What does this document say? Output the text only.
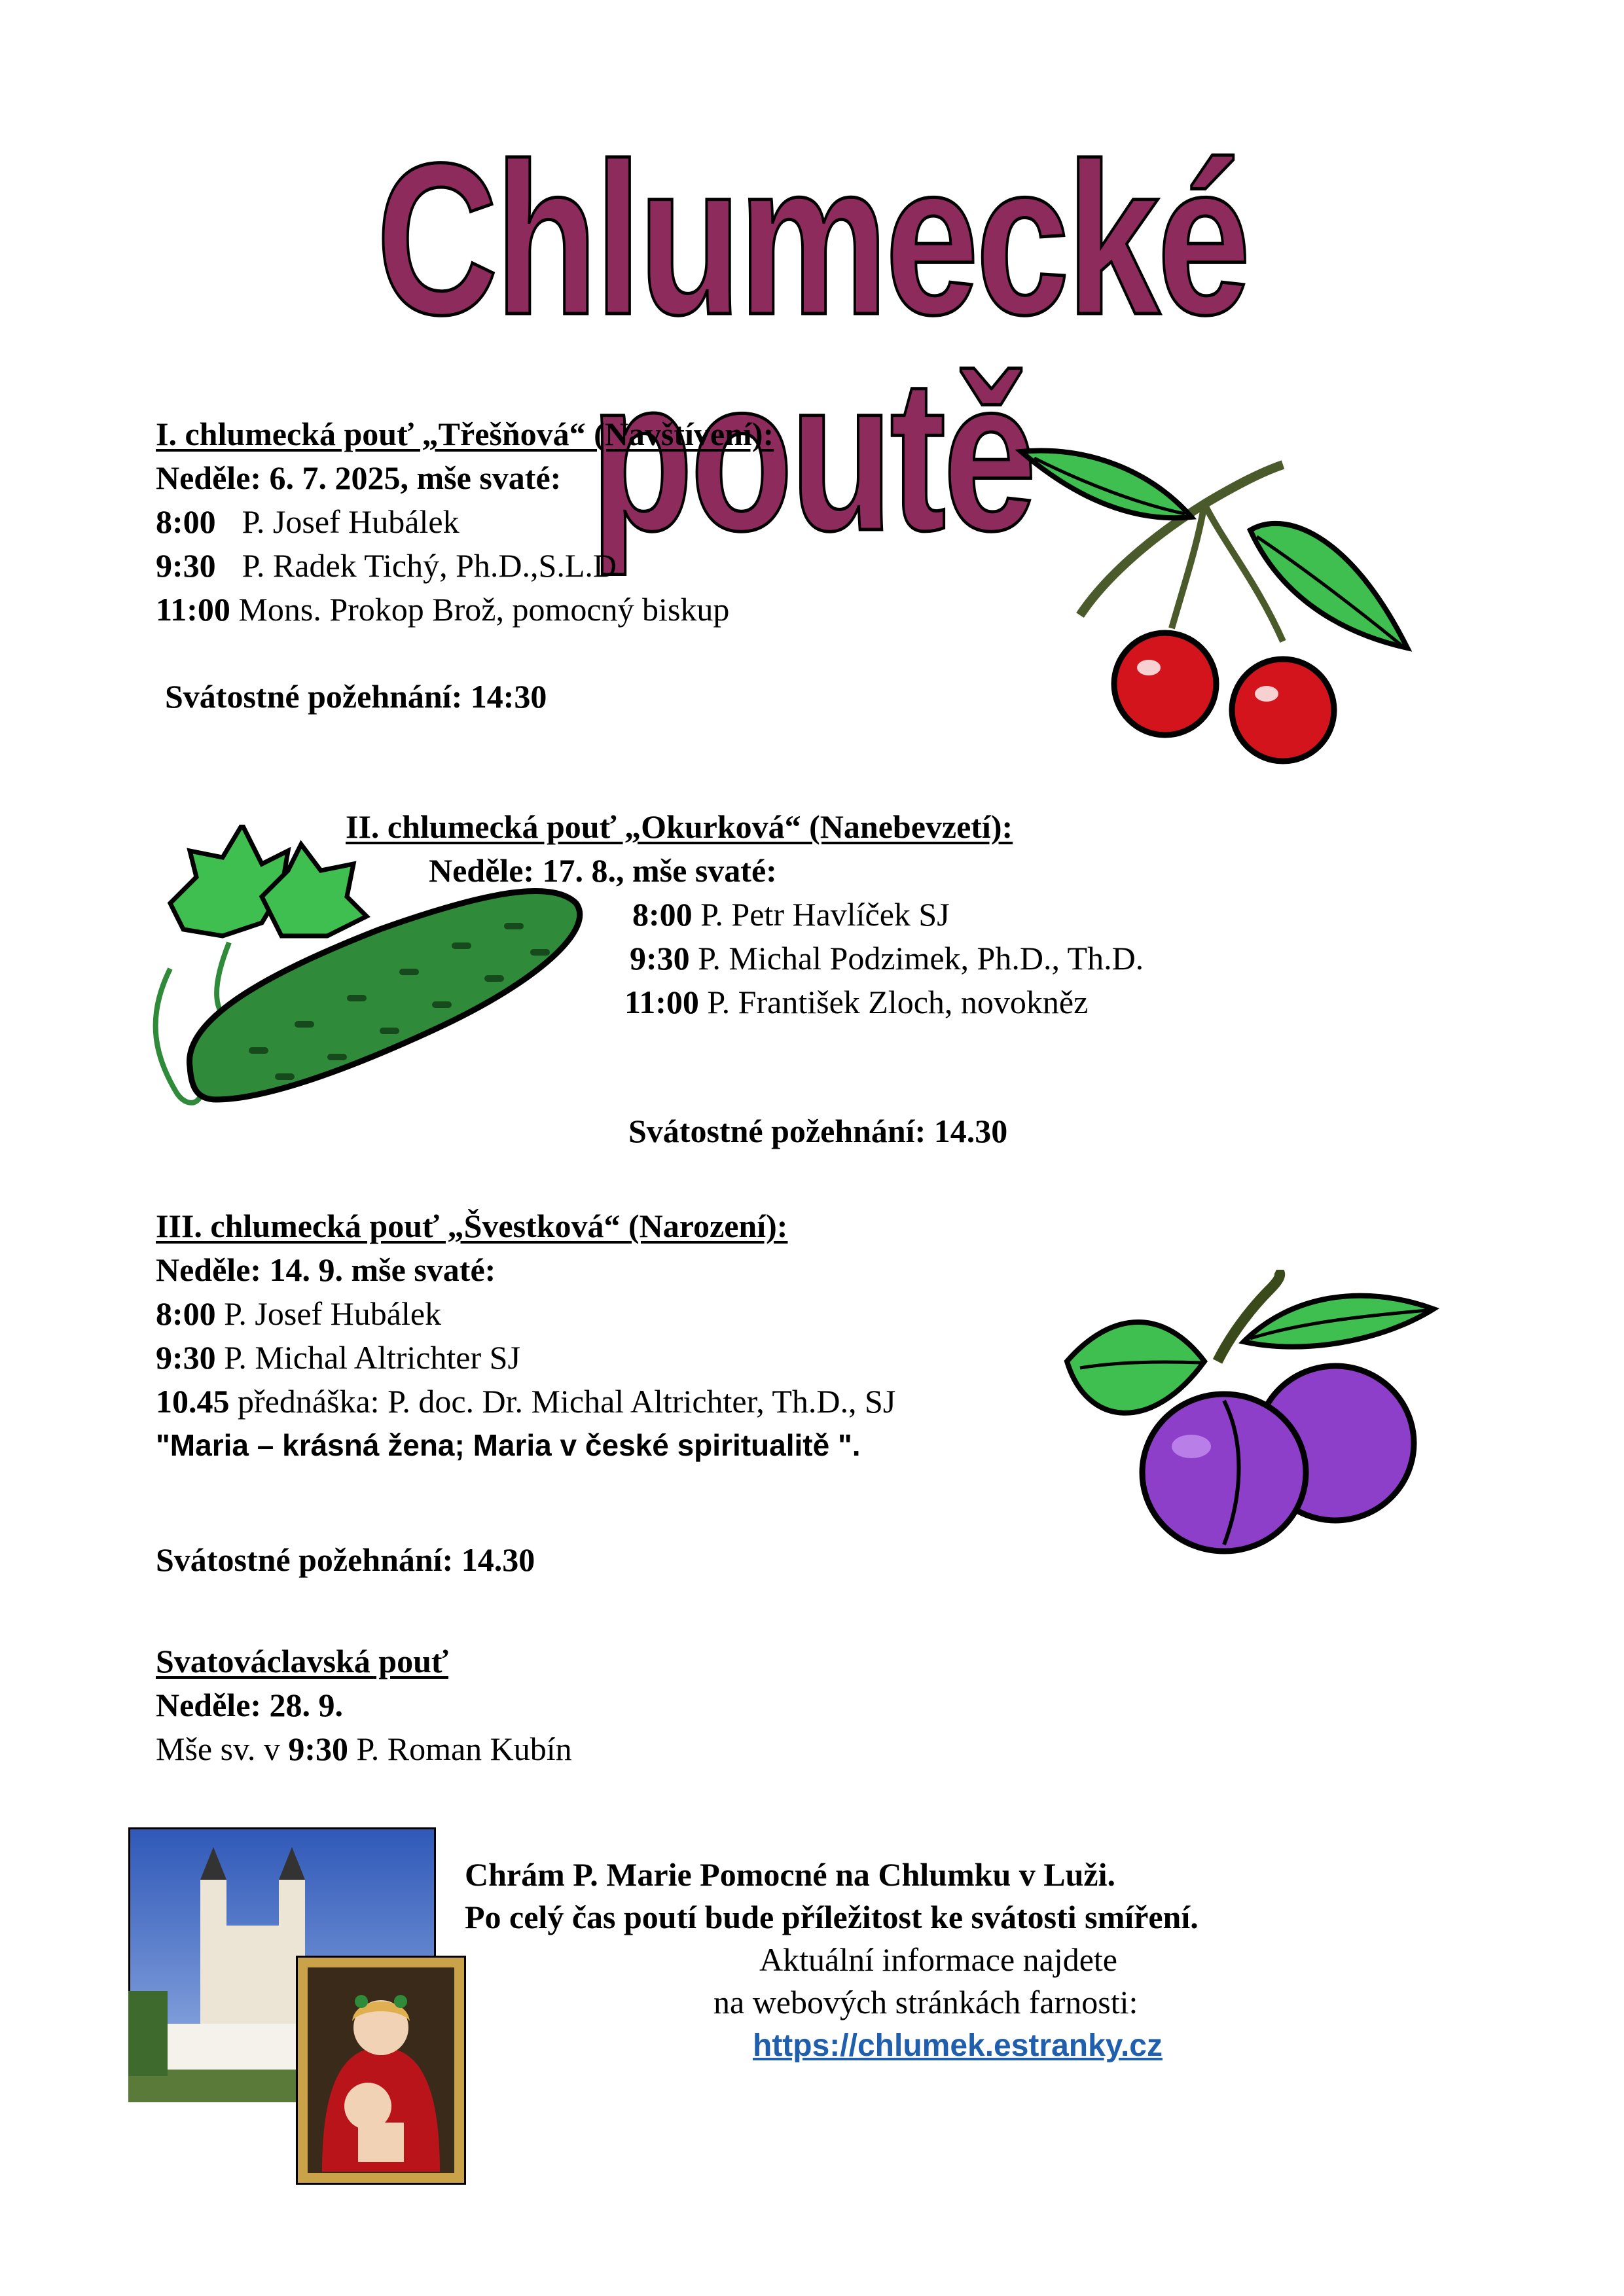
Chlumecké poutě
I. chlumecká pouť „Třešňová“ (Navštívení):
Neděle: 6. 7. 2025, mše svaté:
8:00 P. Josef Hubálek
9:30 P. Radek Tichý, Ph.D.,S.L.D
11:00 Mons. Prokop Brož, pomocný biskup
Svátostné požehnání: 14:30
II. chlumecká pouť „Okurková“ (Nanebevzetí):
Neděle: 17. 8., mše svaté:
8:00 P. Petr Havlíček SJ
9:30 P. Michal Podzimek, Ph.D., Th.D.
11:00 P. František Zloch, novokněz
Svátostné požehnání: 14.30
III. chlumecká pouť „Švestková“ (Narození):
Neděle: 14. 9. mše svaté:
8:00 P. Josef Hubálek
9:30 P. Michal Altrichter SJ
10.45 přednáška: P. doc. Dr. Michal Altrichter, Th.D., SJ
"Maria – krásná žena; Maria v české spiritualitě ".
Svátostné požehnání: 14.30
Svatováclavská pouť
Neděle: 28. 9.
Mše sv. v 9:30 P. Roman Kubín
Chrám P. Marie Pomocné na Chlumku v Luži.
Po celý čas poutí bude příležitost ke svátosti smíření.
Aktuální informace najdete
na webových stránkách farnosti:
https://chlumek.estranky.cz
